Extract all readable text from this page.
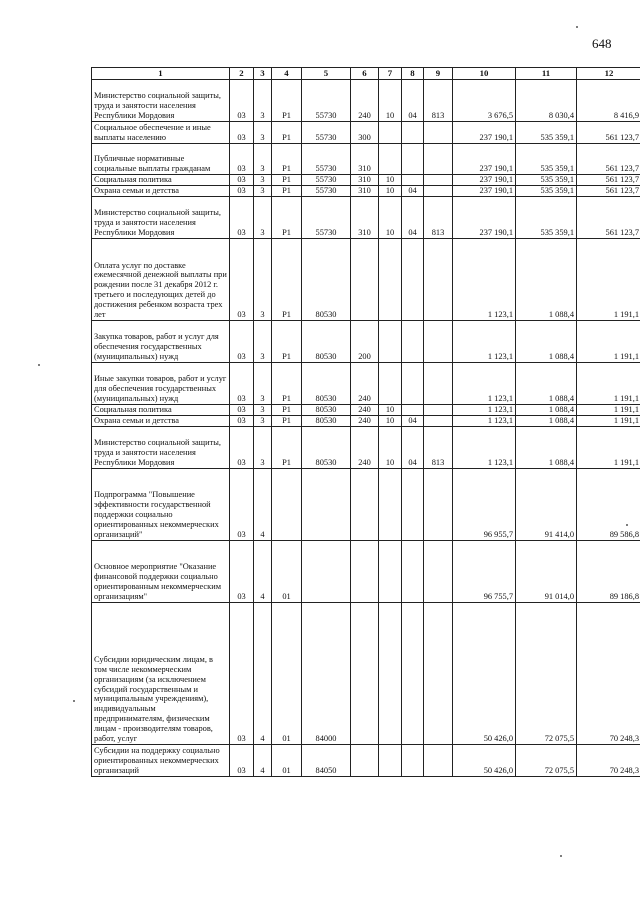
648
1	2	3	4	5	6	7	8	9	10	11	12
Министерство социальной защиты, труда и занятости населения Республики Мордовия	03	3	Р1	55730	240	10	04	813	3 676,5	8 030,4	8 416,9
Социальное обеспечение и иные выплаты населению	03	3	Р1	55730	300				237 190,1	535 359,1	561 123,7
Публичные нормативные социальные выплаты гражданам	03	3	Р1	55730	310				237 190,1	535 359,1	561 123,7
Социальная политика	03	3	Р1	55730	310	10			237 190,1	535 359,1	561 123,7
Охрана семьи и детства	03	3	Р1	55730	310	10	04		237 190,1	535 359,1	561 123,7
Министерство социальной защиты, труда и занятости населения Республики Мордовия	03	3	Р1	55730	310	10	04	813	237 190,1	535 359,1	561 123,7
Оплата услуг по доставке ежемесячной денежной выплаты при рождении после 31 декабря 2012 г. третьего и последующих детей до достижения ребенком возраста трех лет	03	3	Р1	80530					1 123,1	1 088,4	1 191,1
Закупка товаров, работ и услуг для обеспечения государственных (муниципальных) нужд	03	3	Р1	80530	200				1 123,1	1 088,4	1 191,1
Иные закупки товаров, работ и услуг для обеспечения государственных (муниципальных) нужд	03	3	Р1	80530	240				1 123,1	1 088,4	1 191,1
Социальная политика	03	3	Р1	80530	240	10			1 123,1	1 088,4	1 191,1
Охрана семьи и детства	03	3	Р1	80530	240	10	04		1 123,1	1 088,4	1 191,1
Министерство социальной защиты, труда и занятости населения Республики Мордовия	03	3	Р1	80530	240	10	04	813	1 123,1	1 088,4	1 191,1
Подпрограмма "Повышение эффективности государственной поддержки социально ориентированных некоммерческих организаций"	03	4							96 955,7	91 414,0	89 586,8
Основное мероприятие "Оказание финансовой поддержки социально ориентированным некоммерческим организациям"	03	4	01						96 755,7	91 014,0	89 186,8
Субсидии юридическим лицам, в том числе некоммерческим организациям (за исключением субсидий государственным и муниципальным учреждениям), индивидуальным предпринимателям, физическим лицам - производителям товаров, работ, услуг	03	4	01	84000					50 426,0	72 075,5	70 248,3
Субсидии на поддержку социально ориентированных некоммерческих организаций	03	4	01	84050					50 426,0	72 075,5	70 248,3
